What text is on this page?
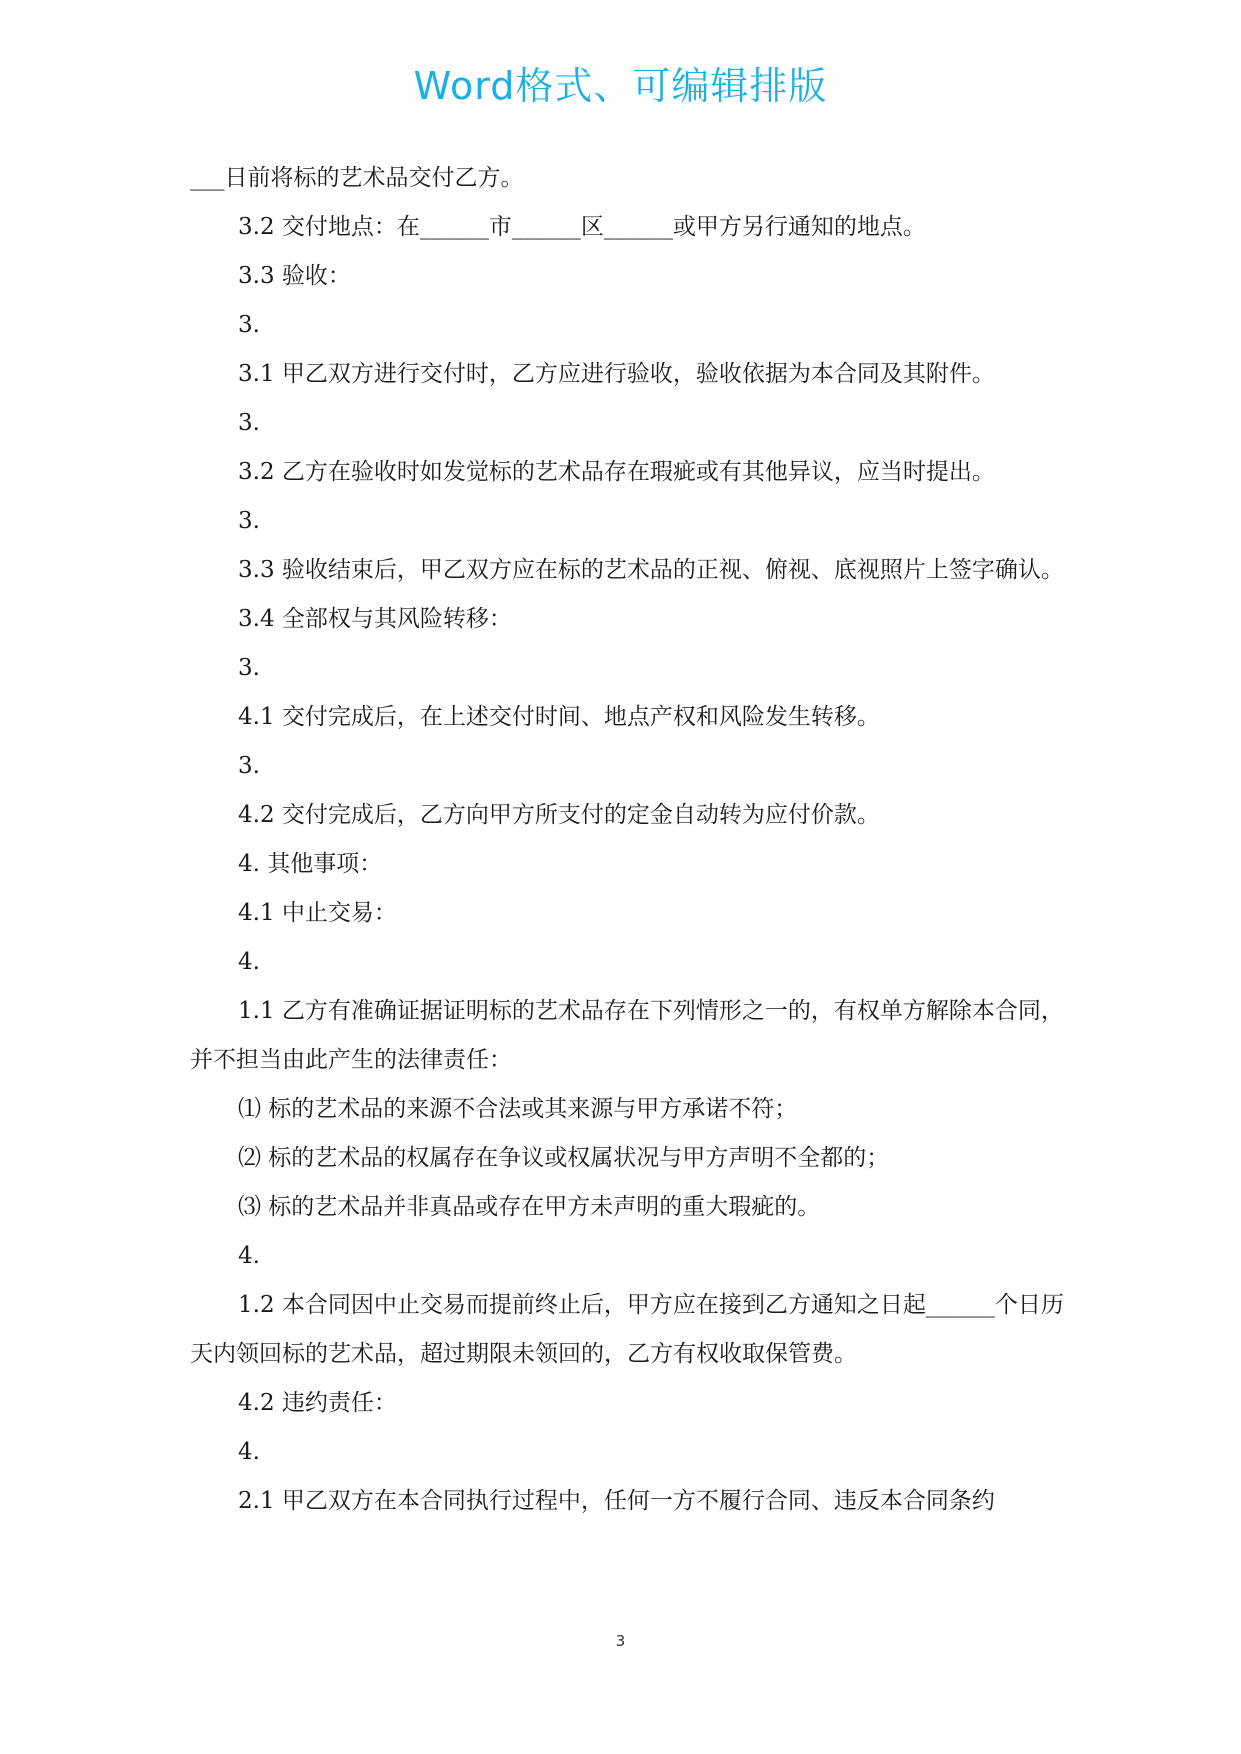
Word格式、可编辑排版

___日前将标的艺术品交付乙方。

3.2 交付地点：在______市______区______或甲方另行通知的地点。

3.3 验收：

3.

3.1 甲乙双方进行交付时，乙方应进行验收，验收依据为本合同及其附件。

3.

3.2 乙方在验收时如发觉标的艺术品存在瑕疵或有其他异议，应当时提出。

3.

3.3 验收结束后，甲乙双方应在标的艺术品的正视、俯视、底视照片上签字确认。

3.4 全部权与其风险转移：

3.

4.1 交付完成后，在上述交付时间、地点产权和风险发生转移。

3.

4.2 交付完成后，乙方向甲方所支付的定金自动转为应付价款。

4. 其他事项：

4.1 中止交易：

4.

1.1 乙方有准确证据证明标的艺术品存在下列情形之一的，有权单方解除本合同，并不担当由此产生的法律责任：

⑴ 标的艺术品的来源不合法或其来源与甲方承诺不符；

⑵ 标的艺术品的权属存在争议或权属状况与甲方声明不全都的；

⑶ 标的艺术品并非真品或存在甲方未声明的重大瑕疵的。

4.

1.2 本合同因中止交易而提前终止后，甲方应在接到乙方通知之日起______个日历天内领回标的艺术品，超过期限未领回的，乙方有权收取保管费。

4.2 违约责任：

4.

2.1 甲乙双方在本合同执行过程中，任何一方不履行合同、违反本合同条约

3
